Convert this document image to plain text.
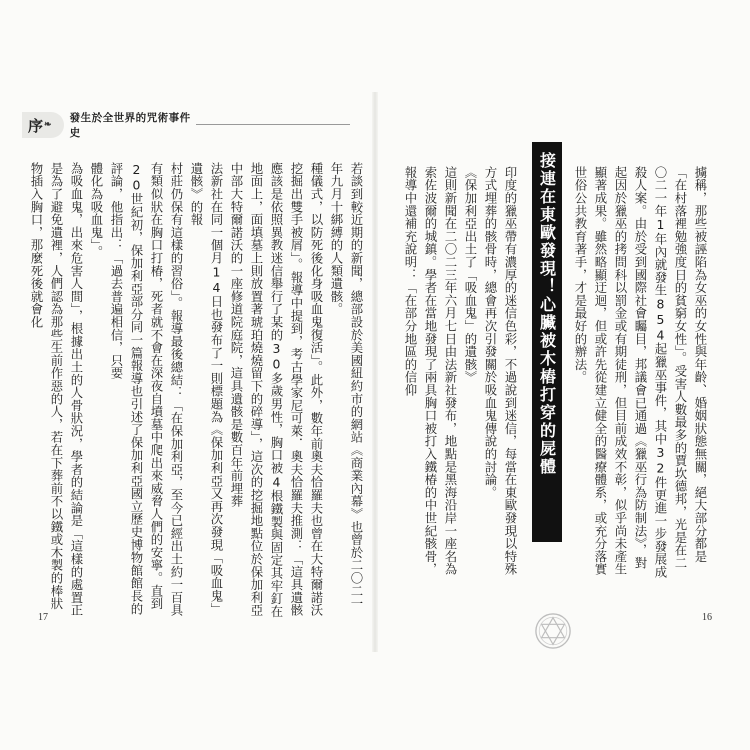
序 ❧
發生於全世界的咒術事件史
若談到較近期的新聞，總部設於美國紐約市的網站《商業內幕》也曾於二〇二一年九月十綁縛的人類遺骸。
種儀式，以防死後化身吸血鬼復活」。此外，數年前奧夫恰羅夫也曾在大特爾諾沃挖掘出雙手被屑」。報導中提到，考古學家尼可萊．奧夫恰羅夫推測：「這具遺骸應該是依照異教迷信舉行了某的30多歲男性，胸口被4根鐵製與固定其牢釘在地面上，面填墓上則放置著琥珀燒燒留下的碎導」，這次的挖掘地點位於保加利亞中部大特爾諾沃的一座修道院庭院，這具遺骸是數百年前埋葬
法新社在同一個月14日也發布了一則標題為《保加利亞又再次發現「吸血鬼」遺骸》的報
村莊仍保有這樣的習俗」。報導最後總結：「在保加利亞，至今已經出土約一百具有類似狀在胸口打椿，死者就不會在深夜自墳墓中爬出來威脅人們的安寧。直到20世紀初，保加利亞部分同一篇報導也引述了保加利亞國立歷史博物館館長的評論，他指出：「過去普遍相信，只要
體化為吸血鬼」。
為吸血鬼，出來危害人間」，根據出土的人骨狀況，學者的結論是「這樣的處置正是為了避免遺裡，人們認為那些生前作惡的人，若在下葬前不以鐵或木製的棒狀物插入胸口，那麼死後就會化
17
擄稱，那些被誣陷為女巫的女性與年齡、婚姻狀態無關，絕大部分都是「在村落裡勉強度日的貧窮女性」。受害人數最多的賈坎德邦，光是在二〇二一年1年內就發生854起獵巫事件，其中32件更進一步發展成殺人案。由於受到國際社會矚目，邦議會已通過《獵巫行為防制法》，對起因於獵巫的拷問科以罰金或有期徒刑，但目前成效不彰，似乎尚未產生顯著成果。雖然略顯迂迴，但或許先從建立健全的醫療體系，或充分落實世俗公共教育著手，才是最好的辦法。
接連在東歐發現！心臟被木樁打穿的屍體
印度的獵巫帶有濃厚的迷信色彩，不過說到迷信，每當在東歐發現以特殊方式埋葬的骸骨時，總會再次引發關於吸血鬼傳說的討論。
《保加利亞出土了「吸血鬼」的遺骸》
這則新聞在二〇二三年六月七日由法新社發布，地點是黑海沿岸一座名為索佐波爾的城鎮。學者在當地發現了兩具胸口被打入鐵椿的中世紀骸骨，報導中還補充說明：「在部分地區的信仰
16
